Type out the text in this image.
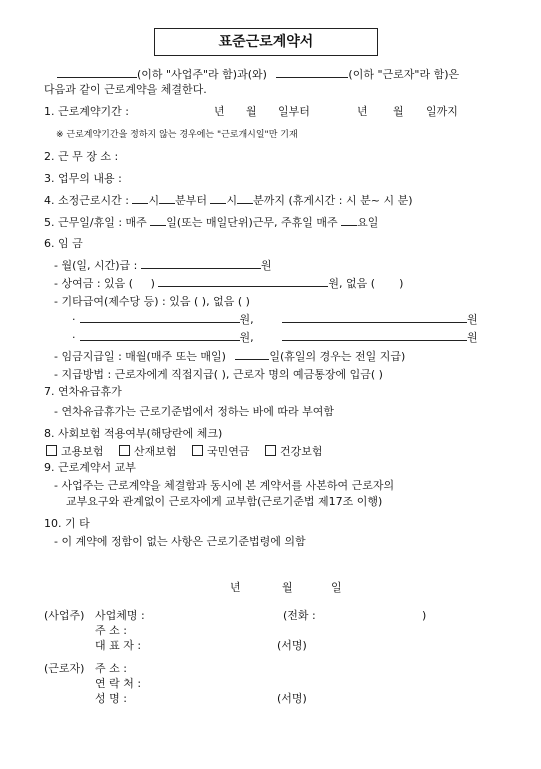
표준근로계약서
(이하 "사업주"라 함)과(와)	(이하 "근로자"라 함)은
다음과 같이 근로계약을 체결한다.
1. 근로계약기간 :	년 월 일부터	년 월 일까지
※ 근로계약기간을 정하지 않는 경우에는 "근로개시일"만 기재
2. 근 무 장 소 :
3. 업무의 내용 :
4. 소정근로시간 : 시 분부터 시 분까지 (휴게시간 : 시 분~ 시 분)
5. 근무일/휴일 : 매주 일(또는 매일단위)근무, 주휴일 매주 요일
6. 임 금
- 월(일, 시간)급 :	원
- 상여금 : 있음 ( )	원, 없음 ( )
- 기타급여(제수당 등) : 있음 ( ), 없음 ( )
·	원,	원
·	원,	원
- 임금지급일 : 매월(매주 또는 매일)	일(휴일의 경우는 전일 지급)
- 지급방법 : 근로자에게 직접지급( ), 근로자 명의 예금통장에 입금( )
7. 연차유급휴가
- 연차유급휴가는 근로기준법에서 정하는 바에 따라 부여함
8. 사회보험 적용여부(해당란에 체크)
고용보험	산재보험	국민연금	건강보험
9. 근로계약서 교부
- 사업주는 근로계약을 체결함과 동시에 본 계약서를 사본하여 근로자의
교부요구와 관계없이 근로자에게 교부함(근로기준법 제17조 이행)
10. 기 타
- 이 계약에 정함이 없는 사항은 근로기준법령에 의함
년	월	일
(사업주) 사업체명 :	(전화 :	)
주 소 :
대 표 자 :	(서명)
(근로자) 주 소 :
연 락 처 :
성 명 :	(서명)
